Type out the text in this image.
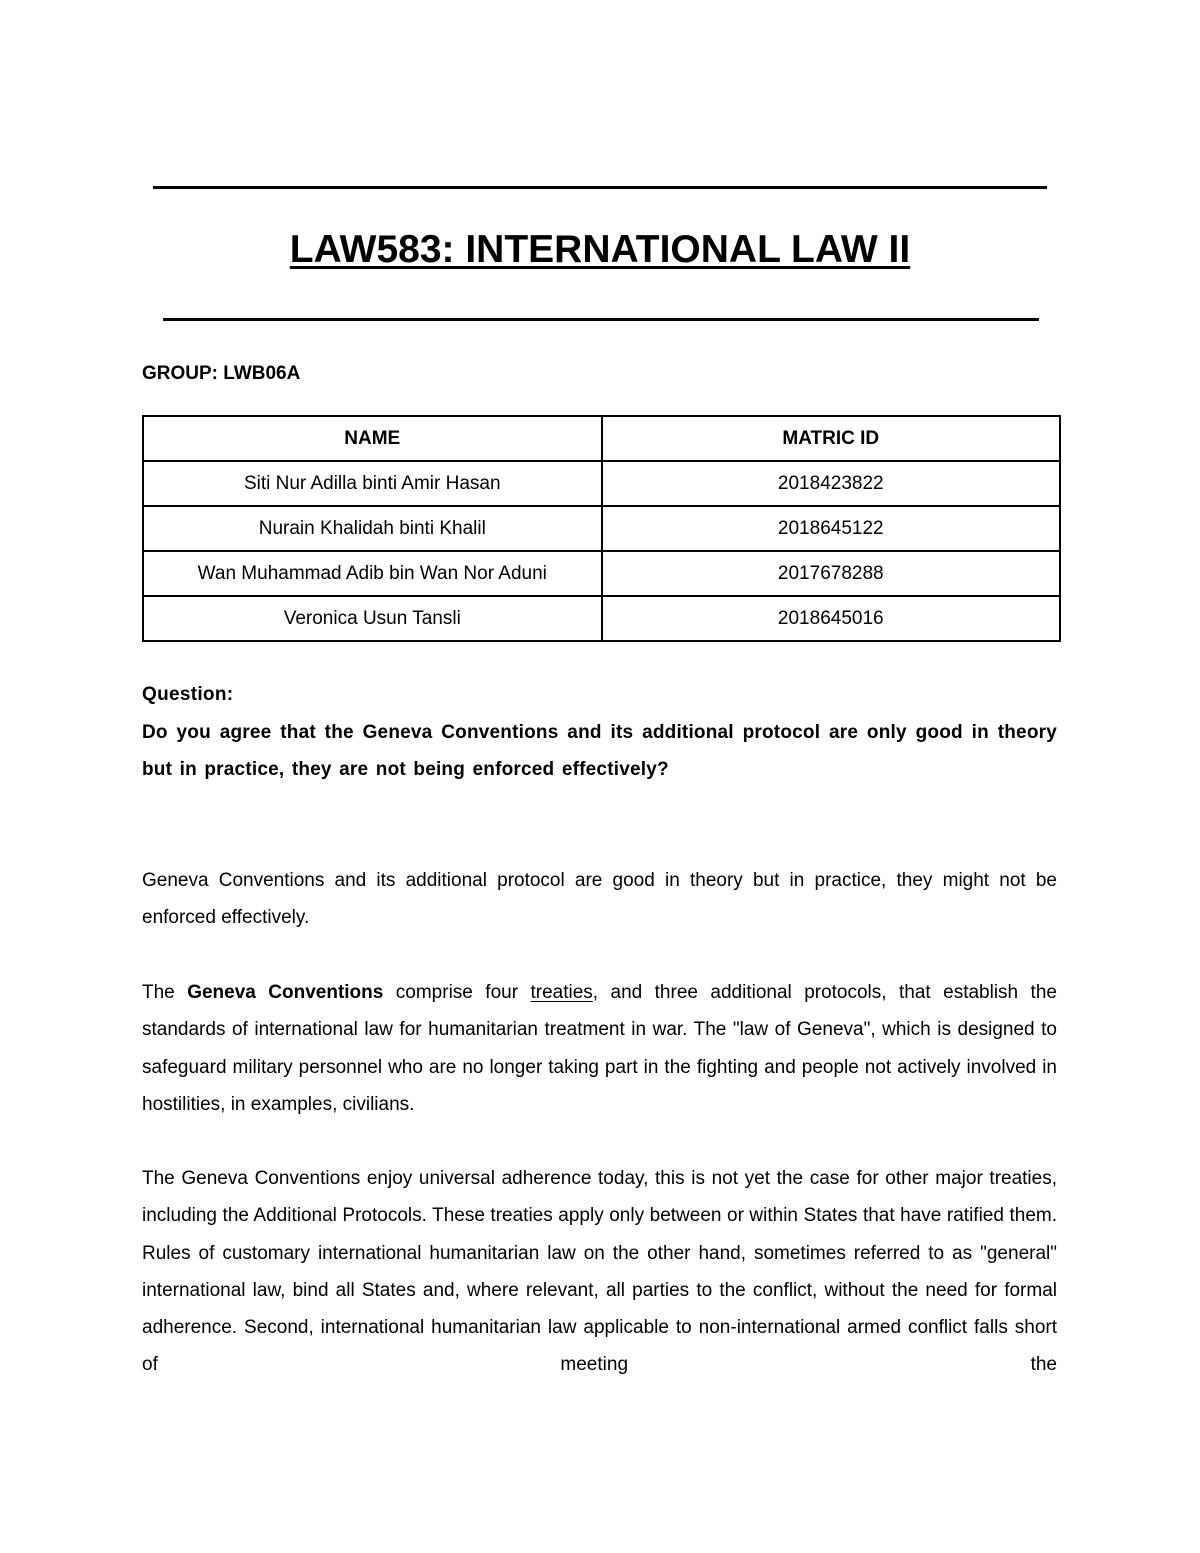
LAW583: INTERNATIONAL LAW II
GROUP: LWB06A
NAME	MATRIC ID
Siti Nur Adilla binti Amir Hasan	2018423822
Nurain Khalidah binti Khalil	2018645122
Wan Muhammad Adib bin Wan Nor Aduni	2017678288
Veronica Usun Tansli	2018645016
Question:
Do you agree that the Geneva Conventions and its additional protocol are only good in theory but in practice, they are not being enforced effectively?
Geneva Conventions and its additional protocol are good in theory but in practice, they might not be enforced effectively.
The Geneva Conventions comprise four treaties, and three additional protocols, that establish the standards of international law for humanitarian treatment in war. The "law of Geneva", which is designed to safeguard military personnel who are no longer taking part in the fighting and people not actively involved in hostilities, in examples, civilians.
The Geneva Conventions enjoy universal adherence today, this is not yet the case for other major treaties, including the Additional Protocols. These treaties apply only between or within States that have ratified them. Rules of customary international humanitarian law on the other hand, sometimes referred to as "general" international law, bind all States and, where relevant, all parties to the conflict, without the need for formal adherence. Second, international humanitarian law applicable to non-international armed conflict falls short of meeting the
